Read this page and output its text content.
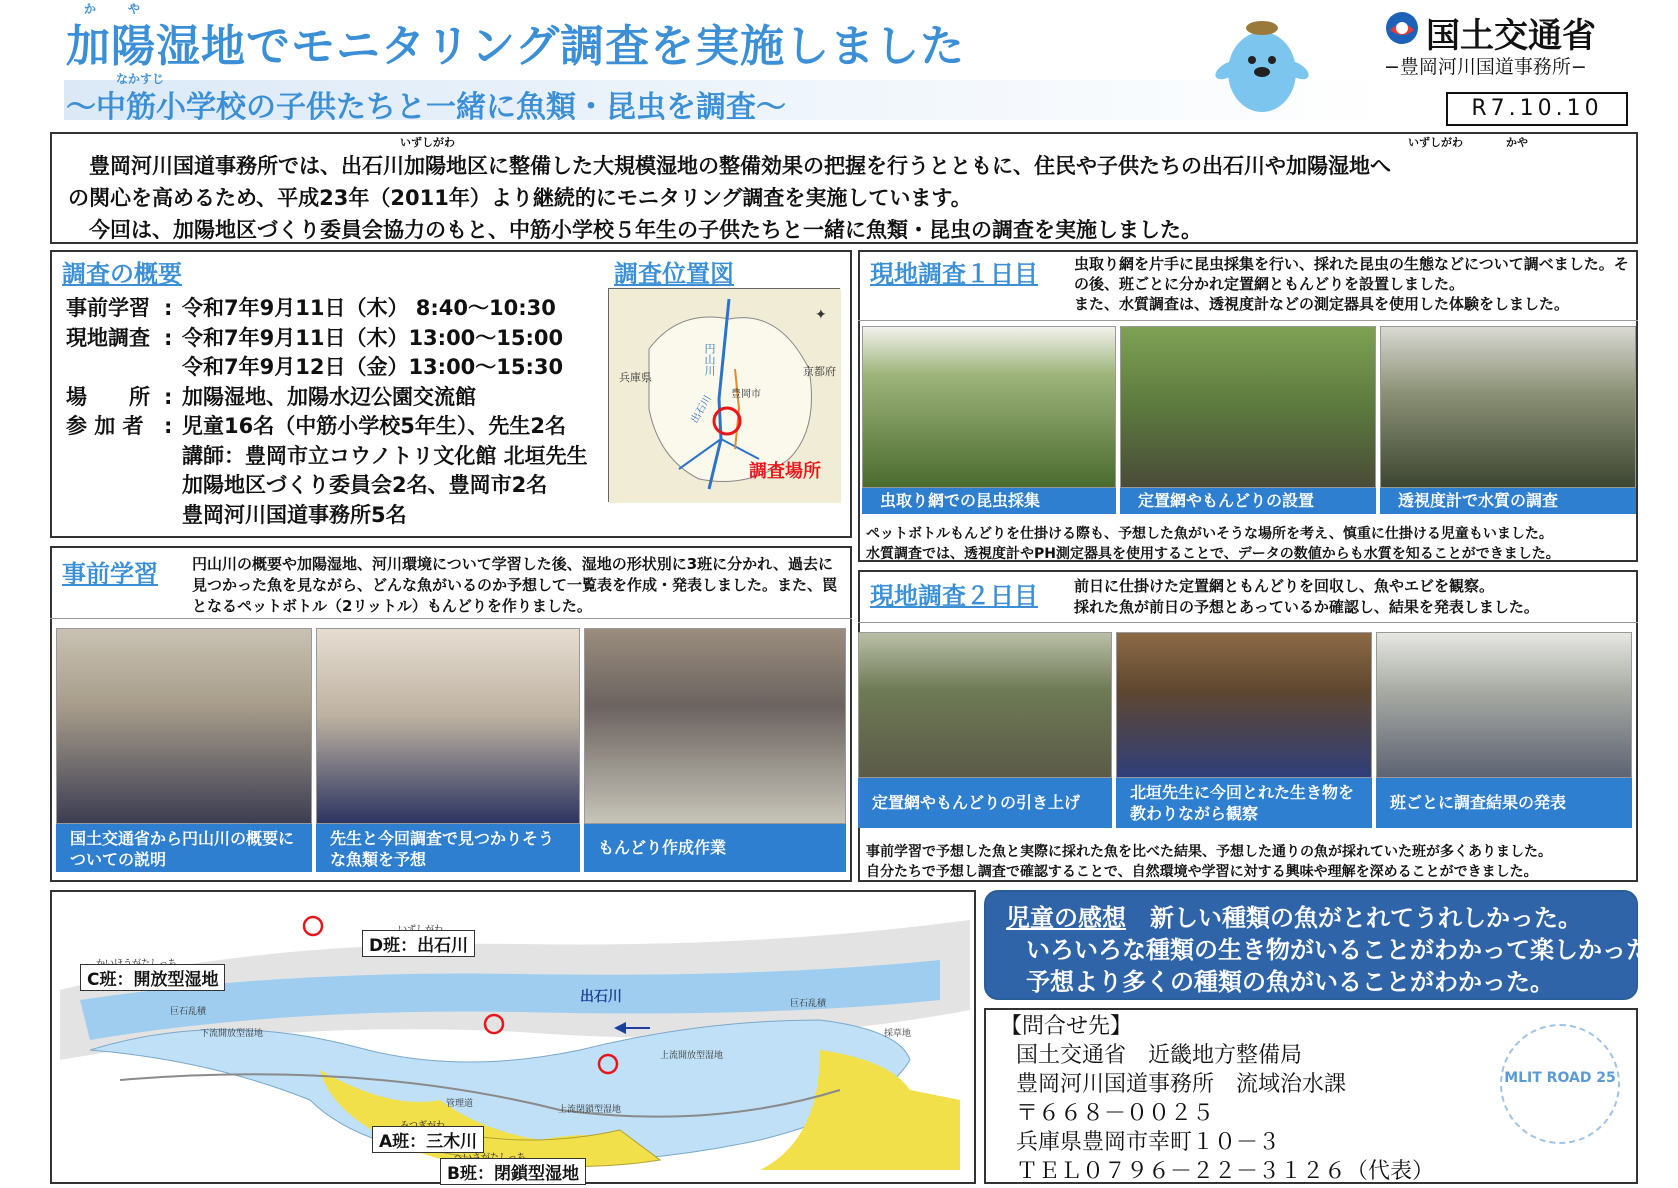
か	や
加陽湿地でモニタリング調査を実施しました
なかすじ
〜中筋小学校の子供たちと一緒に魚類・昆虫を調査〜
国土交通省
−豊岡河川国道事務所−
R7.10.10
豊岡河川国道事務所では、出石川加陽地区に整備した大規模湿地の整備効果の把握を行うとともに、住民や子供たちの出石川や加陽湿地へ
の関心を高めるため、平成23年（2011年）より継続的にモニタリング調査を実施しています。
今回は、加陽地区づくり委員会協力のもと、中筋小学校５年生の子供たちと一緒に魚類・昆虫の調査を実施しました。
いずしがわ	いずしがわ	かや
調査の概要	調査位置図
事前学習 : 令和7年9月11日（木） 8:40〜10:30
現地調査 : 令和7年9月11日（木）13:00〜15:00
令和7年9月12日（金）13:00〜15:30
場　　所 : 加陽湿地、加陽水辺公園交流館
参 加 者 : 児童16名（中筋小学校5年生）、先生2名
講師：豊岡市立コウノトリ文化館 北垣先生
加陽地区づくり委員会2名、豊岡市2名
豊岡河川国道事務所5名
✦
兵庫県	京都府
円山川
豊岡市
出石川
調査場所
事前学習 円山川の概要や加陽湿地、河川環境について学習した後、湿地の形状別に3班に分かれ、過去に見つかった魚を見ながら、どんな魚がいるのか予想して一覧表を作成・発表しました。また、罠となるペットボトル（2リットル）もんどりを作りました。
国土交通省から円山川の概要についての説明
先生と今回調査で見つかりそうな魚類を予想
もんどり作成作業
現地調査１日目 虫取り網を片手に昆虫採集を行い、採れた昆虫の生態などについて調べました。その後、班ごとに分かれ定置網ともんどりを設置しました。
また、水質調査は、透視度計などの測定器具を使用した体験をしました。
虫取り網での昆虫採集	定置網やもんどりの設置	透視度計で水質の調査
ペットボトルもんどりを仕掛ける際も、予想した魚がいそうな場所を考え、慎重に仕掛ける児童もいました。
水質調査では、透視度計やPH測定器具を使用することで、データの数値からも水質を知ることができました。
現地調査２日目 前日に仕掛けた定置網ともんどりを回収し、魚やエビを観察。
採れた魚が前日の予想とあっているか確認し、結果を発表しました。
定置網やもんどりの引き上げ
北垣先生に今回とれた生き物を教わりながら観察
班ごとに調査結果の発表
事前学習で予想した魚と実際に採れた魚を比べた結果、予想した通りの魚が採れていた班が多くありました。
自分たちで予想し調査で確認することで、自然環境や学習に対する興味や理解を深めることができました。
C班：開放型湿地
D班：出石川
A班：三木川
B班：閉鎖型湿地
出石川
巨石乱積
巨石乱積
上流開放型湿地
下流開放型湿地
上流閉鎖型湿地
管理道
採草地
児童の感想　 新しい種類の魚がとれてうれしかった。
いろいろな種類の生き物がいることがわかって楽しかった。
予想より多くの種類の魚がいることがわかった。
【問合せ先】
国土交通省　近畿地方整備局
豊岡河川国道事務所　流域治水課
〒６６８－００２５
兵庫県豊岡市幸町１０－３
ＴＥＬ０７９６－２２－３１２６（代表）
MLIT ROAD 25
